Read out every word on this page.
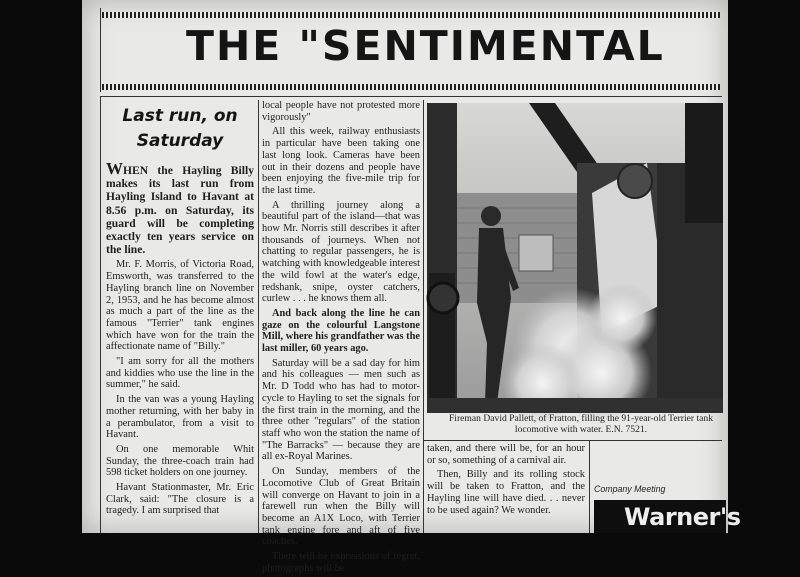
THE "SENTIMENTAL
Last run, on Saturday

WHEN the Hayling Billy makes its last run from Hayling Island to Havant at 8.56 p.m. on Saturday, its guard will be completing exactly ten years service on the line.

Mr. F. Morris, of Victoria Road, Emsworth, was transferred to the Hayling branch line on November 2, 1953, and he has become almost as much a part of the line as the famous "Terrier" tank engines which have won for the train the affectionate name of "Billy."

"I am sorry for all the mothers and kiddies who use the line in the summer," he said.

In the van was a young Hayling mother returning, with her baby in a perambulator, from a visit to Havant.

On one memorable Whit Sunday, the three-coach train had 598 ticket holders on one journey.

Havant Stationmaster, Mr. Eric Clark, said: "The closure is a tragedy. I am surprised that

local people have not protested more vigorously"

All this week, railway enthusiasts in particular have been taking one last long look. Cameras have been out in their dozens and people have been enjoying the five-mile trip for the last time.

A thrilling journey along a beautiful part of the island—that was how Mr. Norris still describes it after thousands of journeys. When not chatting to regular passengers, he is watching with knowledgeable interest the wild fowl at the water's edge, redshank, snipe, oyster catchers, curlew . . . he knows them all.

And back along the line he can gaze on the colourful Langstone Mill, where his grandfather was the last miller, 60 years ago.

Saturday will be a sad day for him and his colleagues — men such as Mr. D Todd who has had to motor-cycle to Hayling to set the signals for the first train in the morning, and the three other "regulars" of the station staff who won the station the name of "The Barracks" — because they are all ex-Royal Marines.

On Sunday, members of the Locomotive Club of Great Britain will converge on Havant to join in a farewell run when the Billy will become an A1X Loco, with Terrier tank engine fore and aft of five coaches.

There will be expressions of regret, photographs will be

Fireman David Pallett, of Fratton, filling the 91-year-old Terrier tank locomotive with water. E.N. 7521.

taken, and there will be, for an hour or so, something of a carnival air.

Then, Billy and its rolling stock will be taken to Fratton, and the Hayling line will have died. . . never to be used again? We wonder.

Company Meeting
Warner's
